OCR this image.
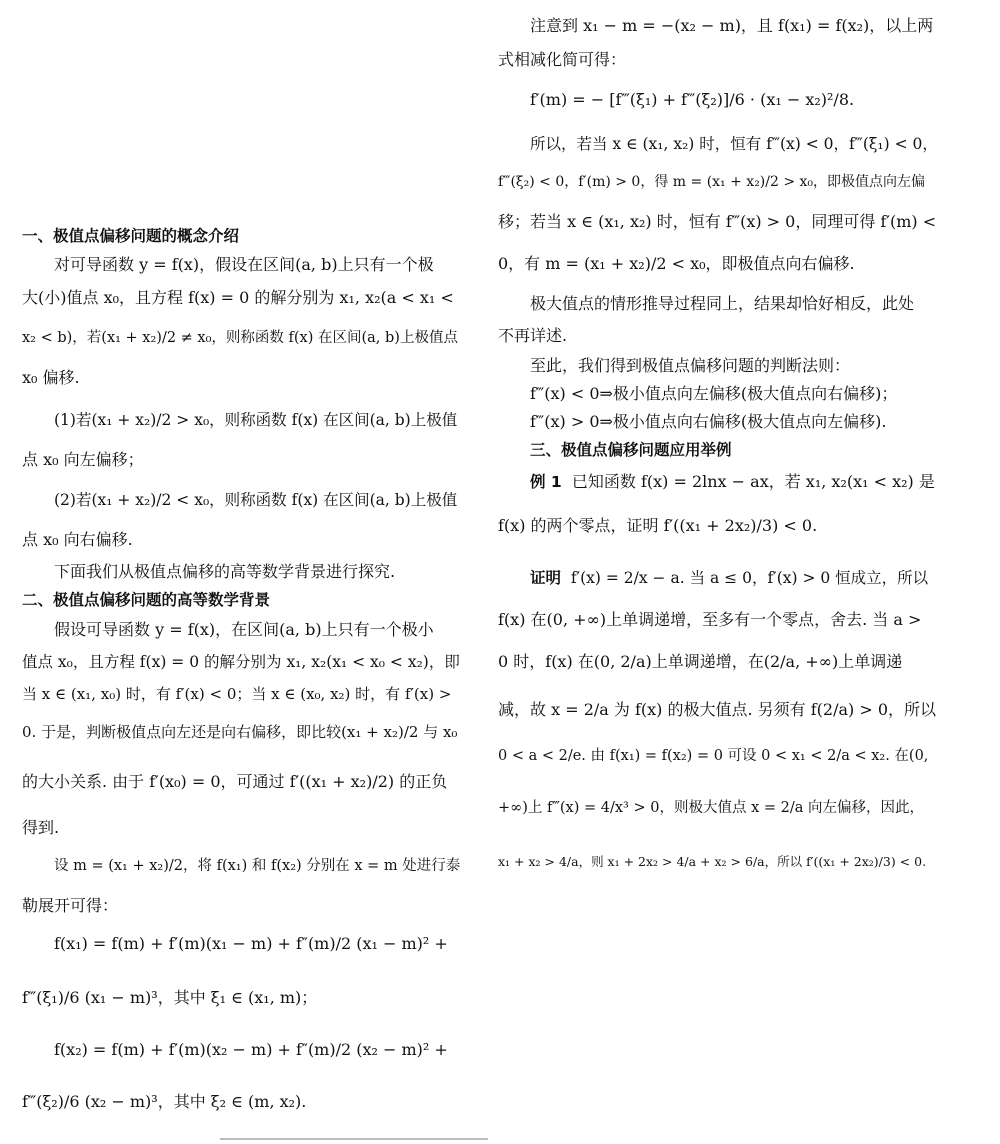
一、极值点偏移问题的概念介绍
对可导函数 y = f(x)，假设在区间(a, b)上只有一个极
大(小)值点 x₀，且方程 f(x) = 0 的解分别为 x₁, x₂(a < x₁ <
x₂ < b)，若(x₁ + x₂)/2 ≠ x₀，则称函数 f(x) 在区间(a, b)上极值点
x₀ 偏移.
(1)若(x₁ + x₂)/2 > x₀，则称函数 f(x) 在区间(a, b)上极值
点 x₀ 向左偏移；
(2)若(x₁ + x₂)/2 < x₀，则称函数 f(x) 在区间(a, b)上极值
点 x₀ 向右偏移.
下面我们从极值点偏移的高等数学背景进行探究.
二、极值点偏移问题的高等数学背景
假设可导函数 y = f(x)，在区间(a, b)上只有一个极小
值点 x₀，且方程 f(x) = 0 的解分别为 x₁, x₂(x₁ < x₀ < x₂)，即
当 x ∈ (x₁, x₀) 时，有 f′(x) < 0；当 x ∈ (x₀, x₂) 时，有 f′(x) >
0. 于是，判断极值点向左还是向右偏移，即比较(x₁ + x₂)/2 与 x₀
的大小关系. 由于 f′(x₀) = 0，可通过 f′((x₁ + x₂)/2) 的正负
得到.
设 m = (x₁ + x₂)/2，将 f(x₁) 和 f(x₂) 分别在 x = m 处进行泰
勒展开可得：
f(x₁) = f(m) + f′(m)(x₁ − m) + f″(m)/2 (x₁ − m)² +
f‴(ξ₁)/6 (x₁ − m)³，其中 ξ₁ ∈ (x₁, m)；
f(x₂) = f(m) + f′(m)(x₂ − m) + f″(m)/2 (x₂ − m)² +
f‴(ξ₂)/6 (x₂ − m)³，其中 ξ₂ ∈ (m, x₂).
注意到 x₁ − m = −(x₂ − m)，且 f(x₁) = f(x₂)，以上两
式相减化简可得：
f′(m) = − [f‴(ξ₁) + f‴(ξ₂)]/6 · (x₁ − x₂)²/8.
所以，若当 x ∈ (x₁, x₂) 时，恒有 f‴(x) < 0，f‴(ξ₁) < 0，
f‴(ξ₂) < 0，f′(m) > 0，得 m = (x₁ + x₂)/2 > x₀，即极值点向左偏
移；若当 x ∈ (x₁, x₂) 时，恒有 f‴(x) > 0，同理可得 f′(m) <
0，有 m = (x₁ + x₂)/2 < x₀，即极值点向右偏移.
极大值点的情形推导过程同上，结果却恰好相反，此处
不再详述.
至此，我们得到极值点偏移问题的判断法则：
f‴(x) < 0⇒极小值点向左偏移(极大值点向右偏移)；
f‴(x) > 0⇒极小值点向右偏移(极大值点向左偏移).
三、极值点偏移问题应用举例
例 1 已知函数 f(x) = 2lnx − ax，若 x₁, x₂(x₁ < x₂) 是
f(x) 的两个零点，证明 f′((x₁ + 2x₂)/3) < 0.
证明 f′(x) = 2/x − a. 当 a ≤ 0，f′(x) > 0 恒成立，所以
f(x) 在(0, +∞)上单调递增，至多有一个零点，舍去. 当 a >
0 时，f(x) 在(0, 2/a)上单调递增，在(2/a, +∞)上单调递
减，故 x = 2/a 为 f(x) 的极大值点. 另须有 f(2/a) > 0，所以
0 < a < 2/e. 由 f(x₁) = f(x₂) = 0 可设 0 < x₁ < 2/a < x₂. 在(0,
+∞)上 f‴(x) = 4/x³ > 0，则极大值点 x = 2/a 向左偏移，因此，
x₁ + x₂ > 4/a，则 x₁ + 2x₂ > 4/a + x₂ > 6/a，所以 f′((x₁ + 2x₂)/3) < 0.
